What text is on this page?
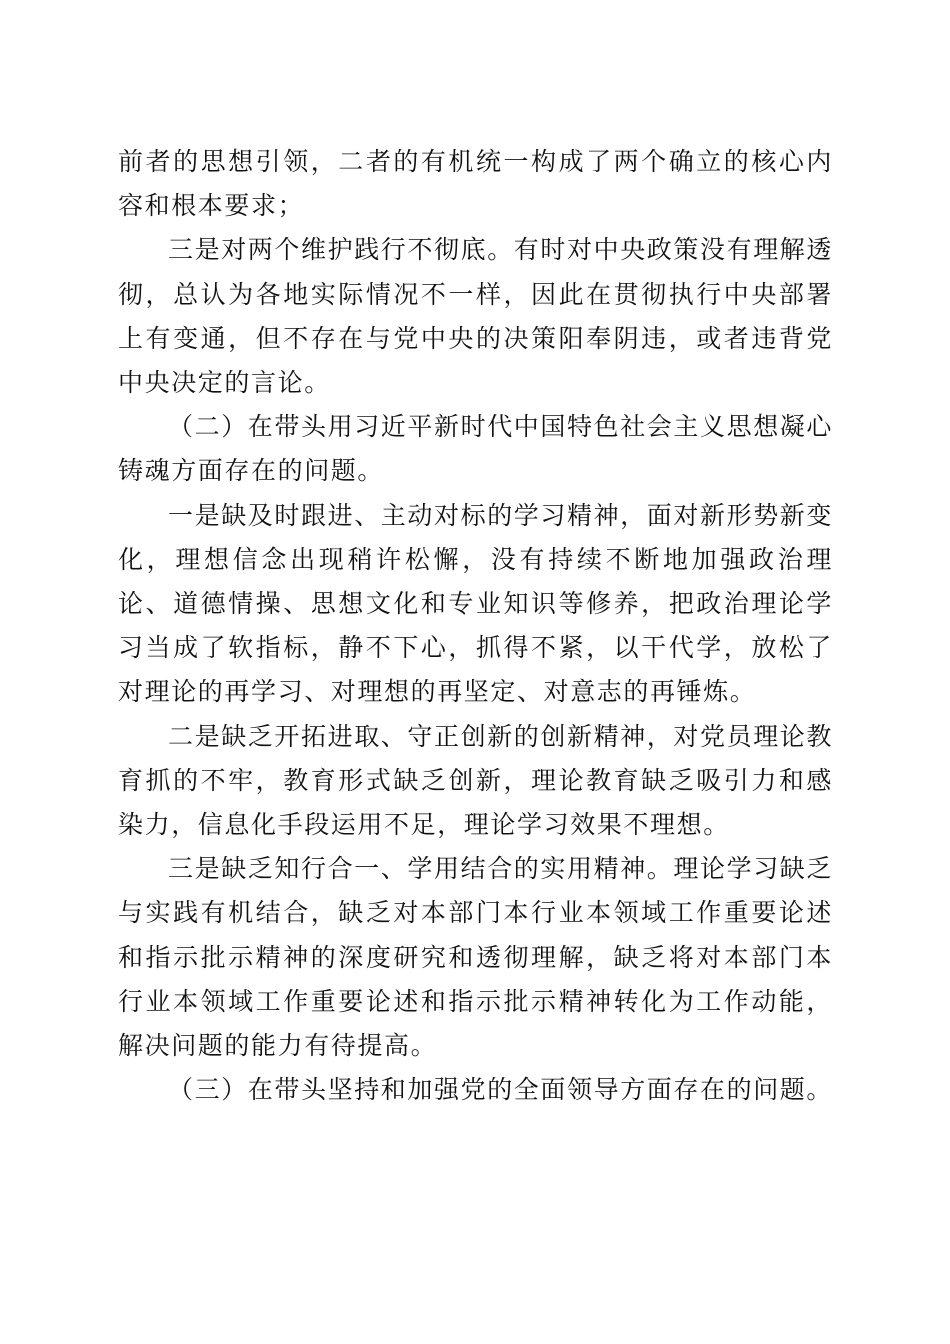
前者的思想引领，二者的有机统一构成了两个确立的核心内容和根本要求；

三是对两个维护践行不彻底。有时对中央政策没有理解透彻，总认为各地实际情况不一样，因此在贯彻执行中央部署上有变通，但不存在与党中央的决策阳奉阴违，或者违背党中央决定的言论。

（二）在带头用习近平新时代中国特色社会主义思想凝心铸魂方面存在的问题。

一是缺及时跟进、主动对标的学习精神，面对新形势新变化，理想信念出现稍许松懈，没有持续不断地加强政治理论、道德情操、思想文化和专业知识等修养，把政治理论学习当成了软指标，静不下心，抓得不紧，以干代学，放松了对理论的再学习、对理想的再坚定、对意志的再锤炼。

二是缺乏开拓进取、守正创新的创新精神，对党员理论教育抓的不牢，教育形式缺乏创新，理论教育缺乏吸引力和感染力，信息化手段运用不足，理论学习效果不理想。

三是缺乏知行合一、学用结合的实用精神。理论学习缺乏与实践有机结合，缺乏对本部门本行业本领域工作重要论述和指示批示精神的深度研究和透彻理解，缺乏将对本部门本行业本领域工作重要论述和指示批示精神转化为工作动能，解决问题的能力有待提高。

（三）在带头坚持和加强党的全面领导方面存在的问题。
